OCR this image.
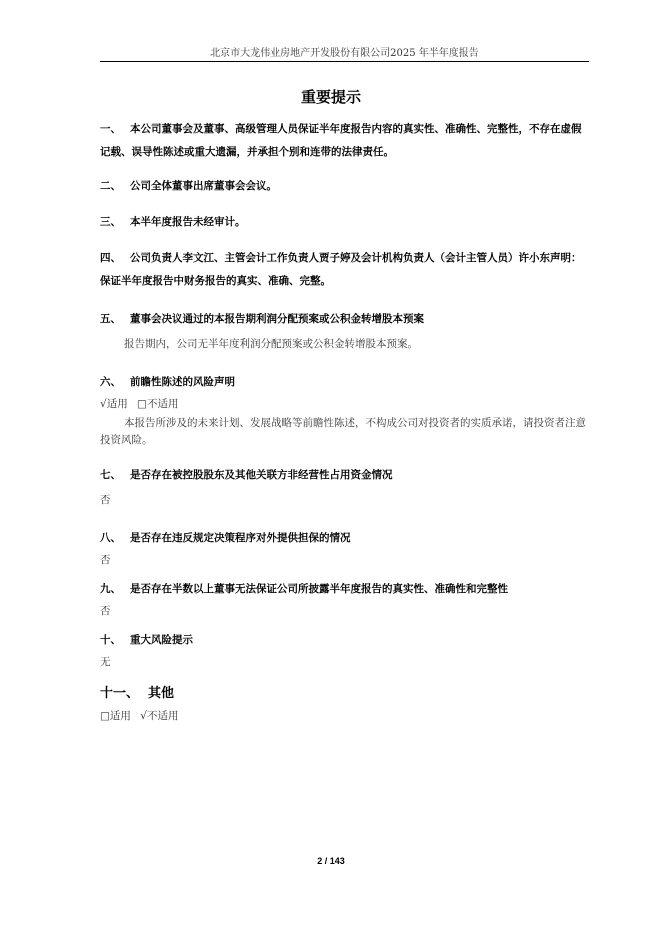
北京市大龙伟业房地产开发股份有限公司2025 年半年度报告
重要提示
一、 本公司董事会及董事、高级管理人员保证半年度报告内容的真实性、准确性、完整性，不存在虚假记载、误导性陈述或重大遗漏，并承担个别和连带的法律责任。
二、 公司全体董事出席董事会会议。
三、 本半年度报告未经审计。
四、 公司负责人李文江、主管会计工作负责人贾子婷及会计机构负责人（会计主管人员）许小东声明：保证半年度报告中财务报告的真实、准确、完整。
五、 董事会决议通过的本报告期利润分配预案或公积金转增股本预案
报告期内，公司无半年度利润分配预案或公积金转增股本预案。
六、 前瞻性陈述的风险声明
√适用 □不适用
本报告所涉及的未来计划、发展战略等前瞻性陈述，不构成公司对投资者的实质承诺，请投资者注意投资风险。
七、 是否存在被控股股东及其他关联方非经营性占用资金情况
否
八、 是否存在违反规定决策程序对外提供担保的情况
否
九、 是否存在半数以上董事无法保证公司所披露半年度报告的真实性、准确性和完整性
否
十、 重大风险提示
无
十一、 其他
□适用 √不适用
2 / 143
